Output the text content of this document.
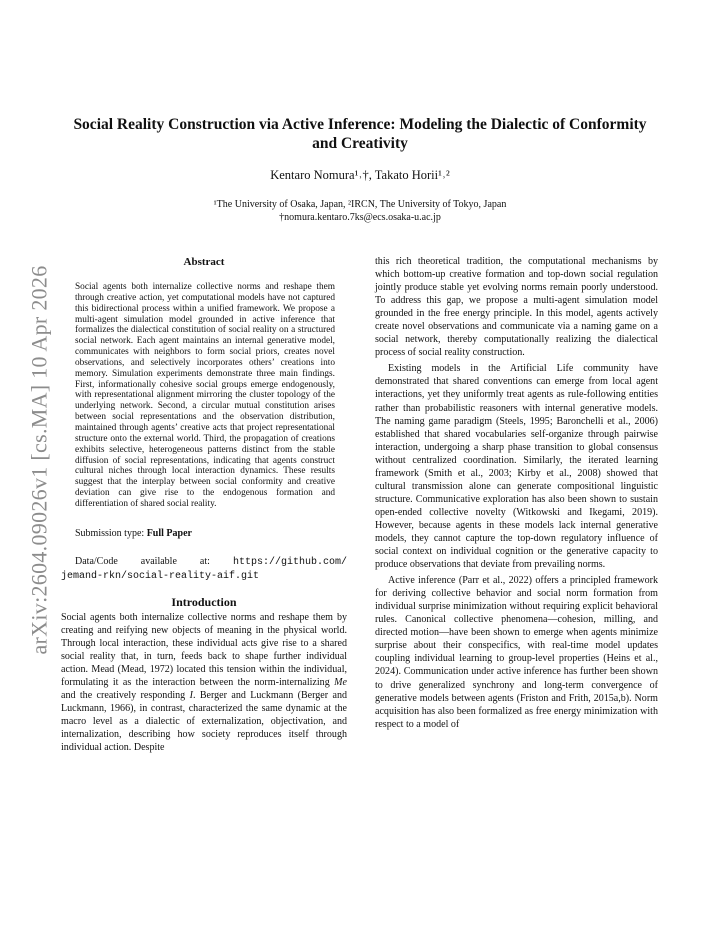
arXiv:2604.09026v1 [cs.MA] 10 Apr 2026
Social Reality Construction via Active Inference: Modeling the Dialectic of Conformity and Creativity

Kentaro Nomura¹˒†, Takato Horii¹˒²

¹The University of Osaka, Japan, ²IRCN, The University of Tokyo, Japan
†nomura.kentaro.7ks@ecs.osaka-u.ac.jp
Abstract

Social agents both internalize collective norms and reshape them through creative action, yet computational models have not captured this bidirectional process within a unified framework. We propose a multi-agent simulation model grounded in active inference that formalizes the dialectical constitution of social reality on a structured social network. Each agent maintains an internal generative model, communicates with neighbors to form social priors, creates novel observations, and selectively incorporates others’ creations into memory. Simulation experiments demonstrate three main findings. First, informationally cohesive social groups emerge endogenously, with representational alignment mirroring the cluster topology of the underlying network. Second, a circular mutual constitution arises between social representations and the observation distribution, maintained through agents’ creative acts that project representational structure onto the external world. Third, the propagation of creations exhibits selective, heterogeneous patterns distinct from the stable diffusion of social representations, indicating that agents construct cultural niches through local interaction dynamics. These results suggest that the interplay between social conformity and creative deviation can give rise to the endogenous formation and differentiation of shared social reality.

Submission type: Full Paper

Data/Code available at: https://github.com/
jemand-rkn/social-reality-aif.git

Introduction

Social agents both internalize collective norms and reshape them by creating and reifying new objects of meaning in the physical world. Through local interaction, these individual acts give rise to a shared social reality that, in turn, feeds back to shape further individual action. Mead (Mead, 1972) located this tension within the individual, formulating it as the interaction between the norm-internalizing Me and the creatively responding I. Berger and Luckmann (Berger and Luckmann, 1966), in contrast, characterized the same dynamic at the macro level as a dialectic of externalization, objectivation, and internalization, describing how society reproduces itself through individual action. Despite

this rich theoretical tradition, the computational mechanisms by which bottom-up creative formation and top-down social regulation jointly produce stable yet evolving norms remain poorly understood. To address this gap, we propose a multi-agent simulation model grounded in the free energy principle. In this model, agents actively create novel observations and communicate via a naming game on a social network, thereby computationally realizing the dialectical process of social reality construction.

Existing models in the Artificial Life community have demonstrated that shared conventions can emerge from local agent interactions, yet they uniformly treat agents as rule-following entities rather than probabilistic reasoners with internal generative models. The naming game paradigm (Steels, 1995; Baronchelli et al., 2006) established that shared vocabularies self-organize through pairwise interaction, undergoing a sharp phase transition to global consensus without centralized coordination. Similarly, the iterated learning framework (Smith et al., 2003; Kirby et al., 2008) showed that cultural transmission alone can generate compositional linguistic structure. Communicative exploration has also been shown to sustain open-ended collective novelty (Witkowski and Ikegami, 2019). However, because agents in these models lack internal generative models, they cannot capture the top-down regulatory influence of social context on individual cognition or the generative capacity to produce observations that deviate from prevailing norms.

Active inference (Parr et al., 2022) offers a principled framework for deriving collective behavior and social norm formation from individual surprise minimization without requiring explicit behavioral rules. Canonical collective phenomena—cohesion, milling, and directed motion—have been shown to emerge when agents minimize surprise about their conspecifics, with real-time model updates coupling individual learning to group-level properties (Heins et al., 2024). Communication under active inference has further been shown to drive generalized synchrony and long-term convergence of generative models between agents (Friston and Frith, 2015a,b). Norm acquisition has also been formalized as free energy minimization with respect to a model of
